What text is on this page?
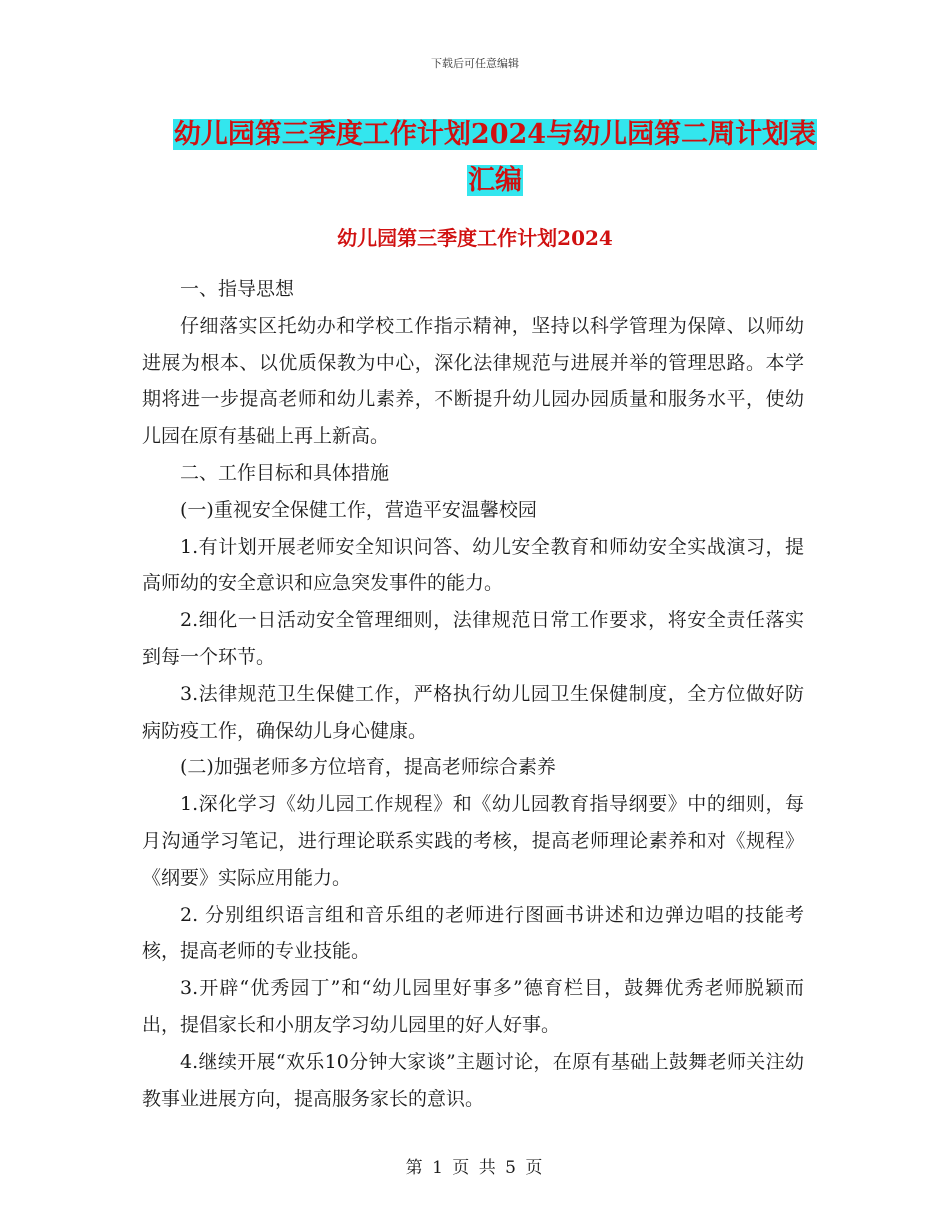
下载后可任意编辑
幼儿园第三季度工作计划2024与幼儿园第二周计划表
汇编
幼儿园第三季度工作计划2024

一、指导思想

仔细落实区托幼办和学校工作指示精神，坚持以科学管理为保障、以师幼进展为根本、以优质保教为中心，深化法律规范与进展并举的管理思路。本学期将进一步提高老师和幼儿素养，不断提升幼儿园办园质量和服务水平，使幼儿园在原有基础上再上新高。

二、工作目标和具体措施

(一)重视安全保健工作，营造平安温馨校园

1.有计划开展老师安全知识问答、幼儿安全教育和师幼安全实战演习，提高师幼的安全意识和应急突发事件的能力。

2.细化一日活动安全管理细则，法律规范日常工作要求，将安全责任落实到每一个环节。

3.法律规范卫生保健工作，严格执行幼儿园卫生保健制度，全方位做好防病防疫工作，确保幼儿身心健康。

(二)加强老师多方位培育，提高老师综合素养

1.深化学习《幼儿园工作规程》和《幼儿园教育指导纲要》中的细则，每月沟通学习笔记，进行理论联系实践的考核，提高老师理论素养和对《规程》《纲要》实际应用能力。

2. 分别组织语言组和音乐组的老师进行图画书讲述和边弹边唱的技能考核，提高老师的专业技能。

3.开辟“优秀园丁”和“幼儿园里好事多”德育栏目，鼓舞优秀老师脱颖而出，提倡家长和小朋友学习幼儿园里的好人好事。

4.继续开展“欢乐10分钟大家谈”主题讨论，在原有基础上鼓舞老师关注幼教事业进展方向，提高服务家长的意识。

第 1 页 共 5 页
